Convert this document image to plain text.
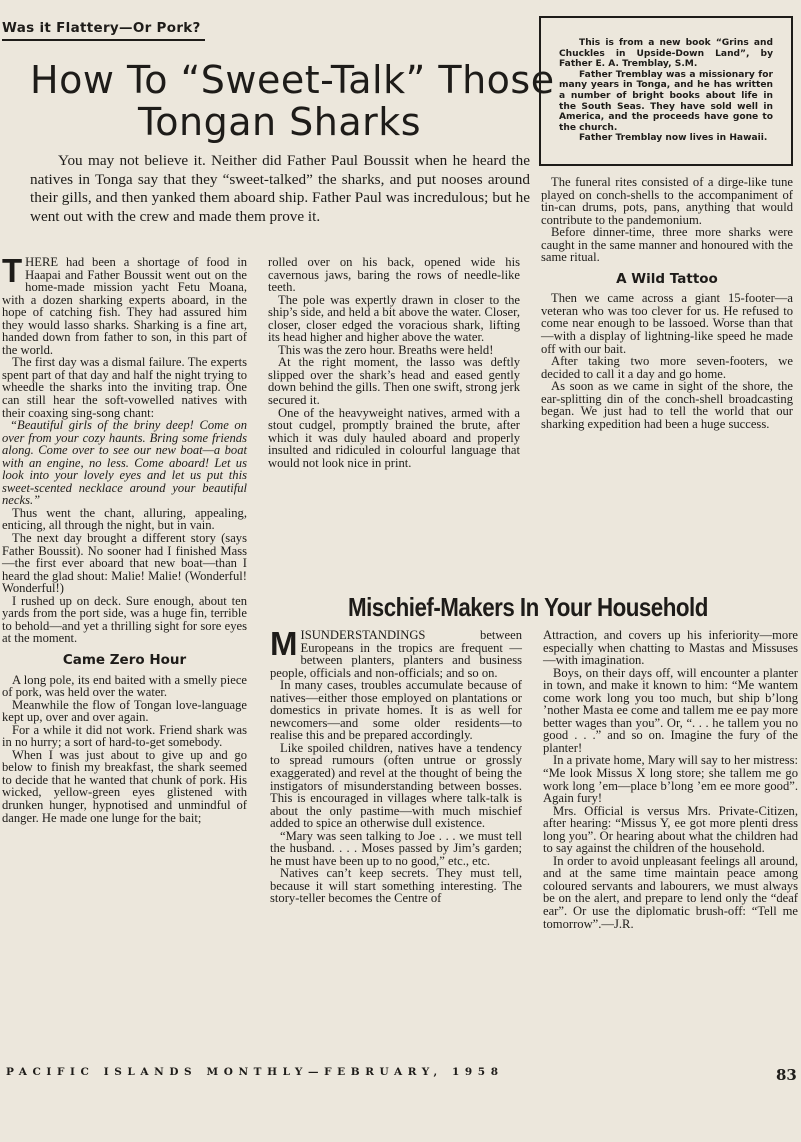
Was it Flattery—Or Pork?
How To “Sweet-Talk” Those
Tongan Sharks
You may not believe it. Neither did Father Paul Boussit when he heard the natives in Tonga say that they “sweet-talked” the sharks, and put nooses around their gills, and then yanked them aboard ship. Father Paul was incredulous; but he went out with the crew and made them prove it.

This is from a new book “Grins and Chuckles in Upside-Down Land”, by Father E. A. Tremblay, S.M.

Father Tremblay was a missionary for many years in Tonga, and he has written a number of bright books about life in the South Seas. They have sold well in America, and the proceeds have gone to the church.

Father Tremblay now lives in Hawaii.

THERE had been a shortage of food in Haapai and Father Boussit went out on the home-made mission yacht Fetu Moana, with a dozen sharking experts aboard, in the hope of catching fish. They had assured him they would lasso sharks. Sharking is a fine art, handed down from father to son, in this part of the world.

The first day was a dismal failure. The experts spent part of that day and half the night trying to wheedle the sharks into the inviting trap. One can still hear the soft-vowelled natives with their coaxing sing-song chant:

“Beautiful girls of the briny deep! Come on over from your cozy haunts. Bring some friends along. Come over to see our new boat—a boat with an engine, no less. Come aboard! Let us look into your lovely eyes and let us put this sweet-scented necklace around your beautiful necks.”

Thus went the chant, alluring, appealing, enticing, all through the night, but in vain.

The next day brought a different story (says Father Boussit). No sooner had I finished Mass—the first ever aboard that new boat—than I heard the glad shout: Malie! Malie! (Wonderful! Wonderful!)

I rushed up on deck. Sure enough, about ten yards from the port side, was a huge fin, terrible to behold—and yet a thrilling sight for sore eyes at the moment.

Came Zero Hour

A long pole, its end baited with a smelly piece of pork, was held over the water.

Meanwhile the flow of Tongan love-language kept up, over and over again.

For a while it did not work. Friend shark was in no hurry; a sort of hard-to-get somebody.

When I was just about to give up and go below to finish my breakfast, the shark seemed to decide that he wanted that chunk of pork. His wicked, yellow-green eyes glistened with drunken hunger, hypnotised and unmindful of danger. He made one lunge for the bait;

rolled over on his back, opened wide his cavernous jaws, baring the rows of needle-like teeth.

The pole was expertly drawn in closer to the ship’s side, and held a bit above the water. Closer, closer, closer edged the voracious shark, lifting its head higher and higher above the water.

This was the zero hour. Breaths were held!

At the right moment, the lasso was deftly slipped over the shark’s head and eased gently down behind the gills. Then one swift, strong jerk secured it.

One of the heavyweight natives, armed with a stout cudgel, promptly brained the brute, after which it was duly hauled aboard and properly insulted and ridiculed in colourful language that would not look nice in print.

The funeral rites consisted of a dirge-like tune played on conch-shells to the accompaniment of tin-can drums, pots, pans, anything that would contribute to the pandemonium.

Before dinner-time, three more sharks were caught in the same manner and honoured with the same ritual.

A Wild Tattoo

Then we came across a giant 15-footer—a veteran who was too clever for us. He refused to come near enough to be lassoed. Worse than that—with a display of lightning-like speed he made off with our bait.

After taking two more seven-footers, we decided to call it a day and go home.

As soon as we came in sight of the shore, the ear-splitting din of the conch-shell broadcasting began. We just had to tell the world that our sharking expedition had been a huge success.

Mischief-Makers In Your Household

MISUNDERSTANDINGS between Europeans in the tropics are frequent — between planters, planters and business people, officials and non-officials; and so on.

In many cases, troubles accumulate because of natives—either those employed on plantations or domestics in private homes. It is as well for newcomers—and some older residents—to realise this and be prepared accordingly.

Like spoiled children, natives have a tendency to spread rumours (often untrue or grossly exaggerated) and revel at the thought of being the instigators of misunderstanding between bosses. This is encouraged in villages where talk-talk is about the only pastime—with much mischief added to spice an otherwise dull existence.

“Mary was seen talking to Joe . . . we must tell the husband. . . . Moses passed by Jim’s garden; he must have been up to no good,” etc., etc.

Natives can’t keep secrets. They must tell, because it will start something interesting. The story-teller becomes the Centre of

Attraction, and covers up his inferiority—more especially when chatting to Mastas and Missuses—with imagination.

Boys, on their days off, will encounter a planter in town, and make it known to him: “Me wantem come work long you too much, but ship b’long ’nother Masta ee come and tallem me ee pay more better wages than you”. Or, “. . . he tallem you no good . . .” and so on. Imagine the fury of the planter!

In a private home, Mary will say to her mistress: “Me look Missus X long store; she tallem me go work long ’em—place b’long ’em ee more good”. Again fury!

Mrs. Official is versus Mrs. Private-Citizen, after hearing: “Missus Y, ee got more plenti dress long you”. Or hearing about what the children had to say against the children of the household.

In order to avoid unpleasant feelings all around, and at the same time maintain peace among coloured servants and labourers, we must always be on the alert, and prepare to lend only the “deaf ear”. Or use the diplomatic brush-off: “Tell me tomorrow”.—J.R.

PACIFIC ISLANDS MONTHLY—FEBRUARY, 1958	83
